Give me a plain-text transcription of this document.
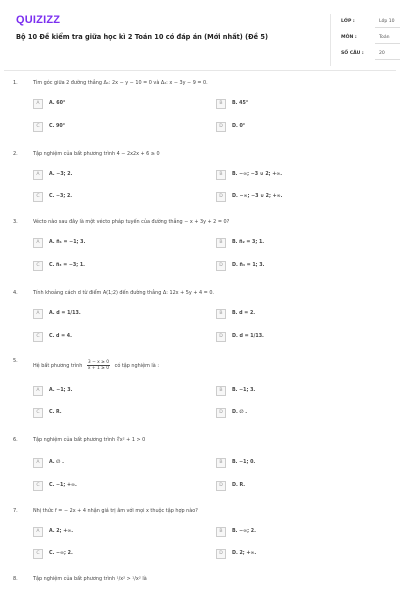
QUIZIZZ
Bộ 10 Đề kiểm tra giữa học kì 2 Toán 10 có đáp án (Mới nhất) (Đề 5)
LỚP :	Lớp 10
MÔN :	Toán
SỐ CÂU :	20
1.	Tìm góc giữa 2 đường thẳng Δ₁: 2x − y − 10 = 0 và Δ₂: x − 3y − 9 = 0.
A	A. 60°	B	B. 45°
C	C. 90°	D	D. 0°
2.	Tập nghiệm của bất phương trình 4 − 2x2x + 6 ≥ 0
A	A. −3; 2.	B	B. −∞; −3 ∪ 2; +∞.
C	C. −3; 2.	D	D. −∞; −3 ∪ 2; +∞.
3.	Vécto nào sau đây là một vécto pháp tuyến của đường thẳng − x + 3y + 2 = 0?
A	A. n⃗₁ = −1; 3.	B	B. n⃗₂ = 3; 1.
C	C. n⃗₃ = −3; 1.	D	D. n⃗₄ = 1; 3.
4.	Tính khoảng cách d từ điểm A(1;2) đến đường thẳng Δ: 12x + 5y + 4 = 0.
A	A. d = 1/13.	B	B. d = 2.
C	C. d = 4.	D	D. d = 1/13.
5.
Hệ bất phương trình $\frac{3 - x \ge 0}{x + 1 \ge 0}$ có tập nghiệm là :
A	A. −1; 3.	B	B. −1; 3.
C	C. R.	D	D. ∅ .
6.	Tập nghiệm của bất phương trình ∜x² + 1 > 0
A	A. ∅ .	B	B. −1; 0.
C	C. −1; +∞.	D	D. R.
7.	Nhị thức f = − 2x + 4 nhận giá trị âm với mọi x thuộc tập hợp nào?
A	A. 2; +∞.	B	B. −∞; 2.
C	C. −∞; 2.	D	D. 2; +∞.
8.	Tập nghiệm của bất phương trình ¹/x² > ¹/x² là
